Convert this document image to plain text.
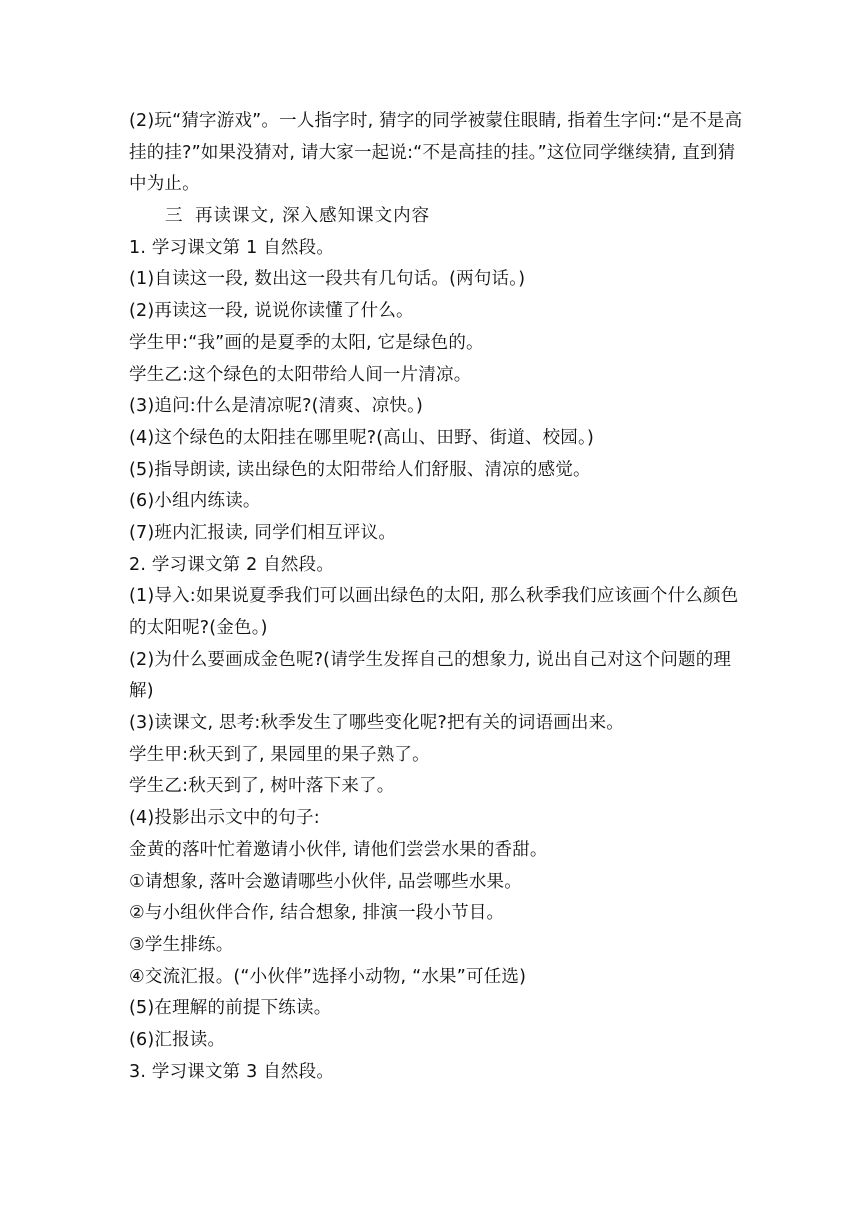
(2)玩“猜字游戏”。一人指字时, 猜字的同学被蒙住眼睛, 指着生字问:“是不是高
挂的挂?”如果没猜对, 请大家一起说:“不是高挂的挂。”这位同学继续猜, 直到猜
中为止。
三 再读课文, 深入感知课文内容
1. 学习课文第 1 自然段。
(1)自读这一段, 数出这一段共有几句话。(两句话。)
(2)再读这一段, 说说你读懂了什么。
学生甲:“我”画的是夏季的太阳, 它是绿色的。
学生乙:这个绿色的太阳带给人间一片清凉。
(3)追问:什么是清凉呢?(清爽、凉快。)
(4)这个绿色的太阳挂在哪里呢?(高山、田野、街道、校园。)
(5)指导朗读, 读出绿色的太阳带给人们舒服、清凉的感觉。
(6)小组内练读。
(7)班内汇报读, 同学们相互评议。
2. 学习课文第 2 自然段。
(1)导入:如果说夏季我们可以画出绿色的太阳, 那么秋季我们应该画个什么颜色
的太阳呢?(金色。)
(2)为什么要画成金色呢?(请学生发挥自己的想象力, 说出自己对这个问题的理
解)
(3)读课文, 思考:秋季发生了哪些变化呢?把有关的词语画出来。
学生甲:秋天到了, 果园里的果子熟了。
学生乙:秋天到了, 树叶落下来了。
(4)投影出示文中的句子:
金黄的落叶忙着邀请小伙伴, 请他们尝尝水果的香甜。
①请想象, 落叶会邀请哪些小伙伴, 品尝哪些水果。
②与小组伙伴合作, 结合想象, 排演一段小节目。
③学生排练。
④交流汇报。(“小伙伴”选择小动物, “水果”可任选)
(5)在理解的前提下练读。
(6)汇报读。
3. 学习课文第 3 自然段。
